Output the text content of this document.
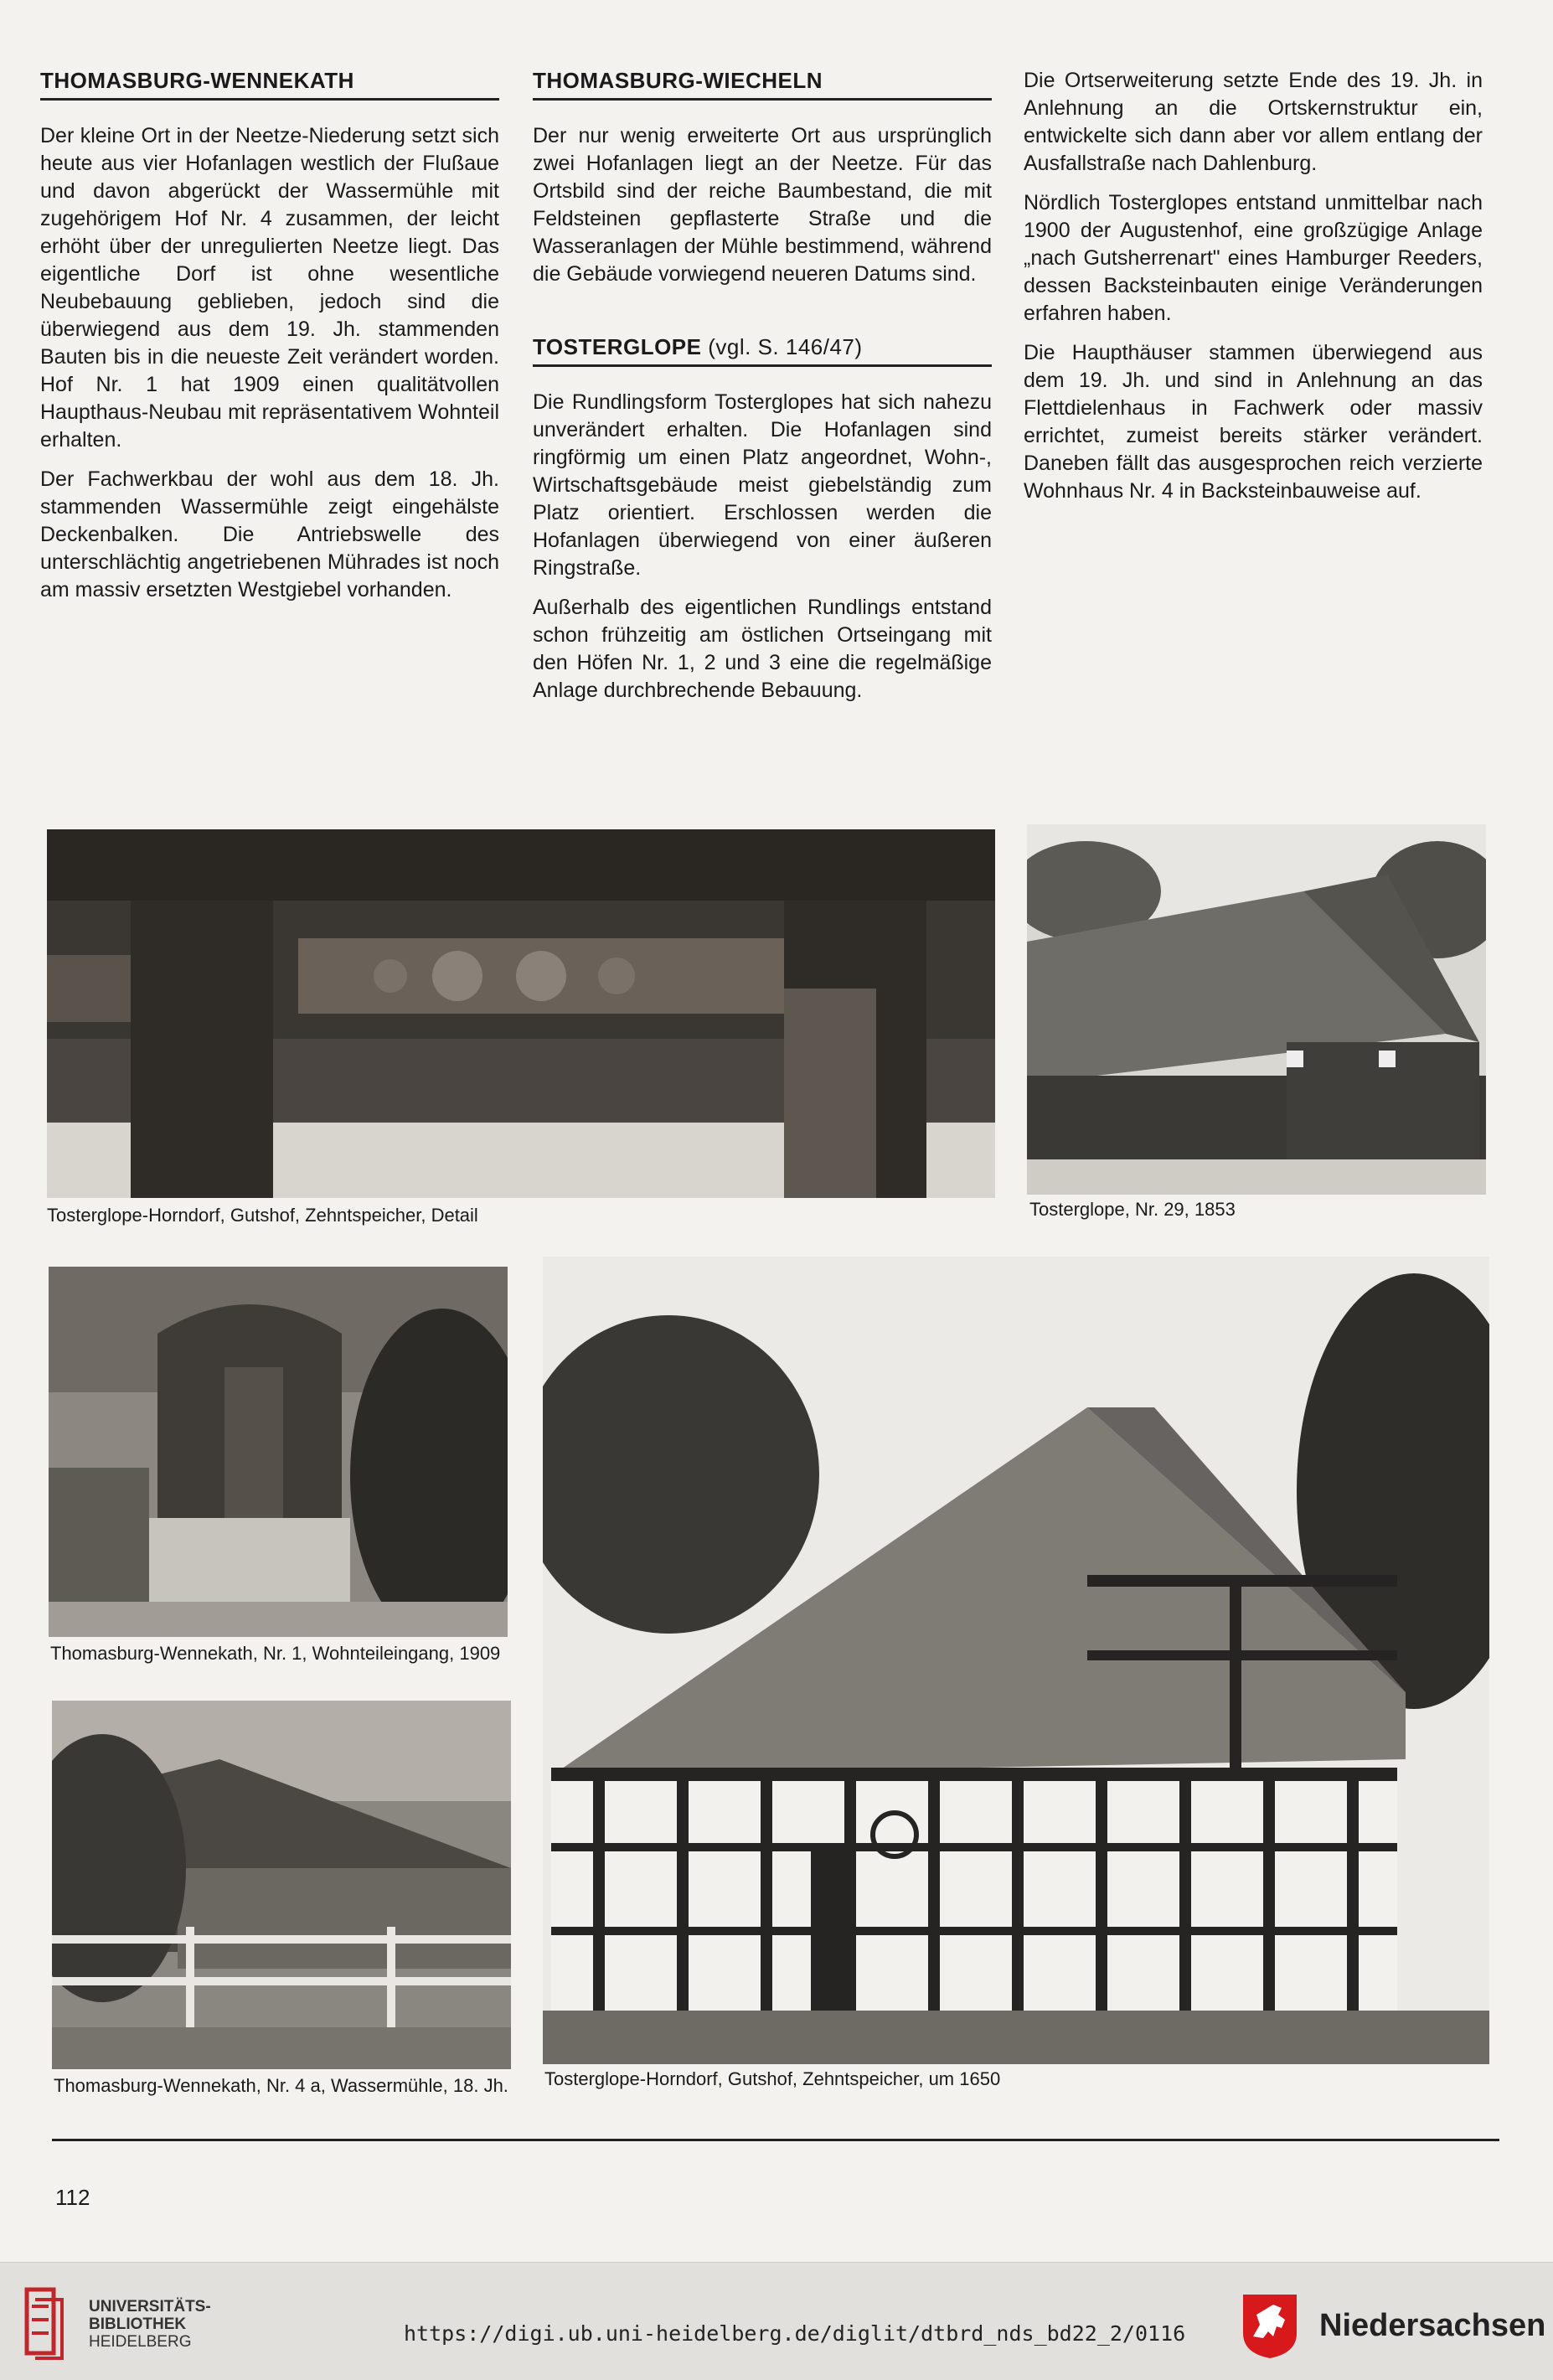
THOMASBURG-WENNEKATH

Der kleine Ort in der Neetze-Niederung setzt sich heute aus vier Hofanlagen westlich der Flußaue und davon abgerückt der Wassermühle mit zugehörigem Hof Nr. 4 zusammen, der leicht erhöht über der unregulierten Neetze liegt. Das eigentliche Dorf ist ohne wesentliche Neubebauung geblieben, jedoch sind die überwiegend aus dem 19. Jh. stammenden Bauten bis in die neueste Zeit verändert worden. Hof Nr. 1 hat 1909 einen qualitätvollen Haupthaus-Neubau mit repräsentativem Wohnteil erhalten.

Der Fachwerkbau der wohl aus dem 18. Jh. stammenden Wassermühle zeigt eingehälste Deckenbalken. Die Antriebswelle des unterschlächtig angetriebenen Mührades ist noch am massiv ersetzten Westgiebel vorhanden.

THOMASBURG-WIECHELN

Der nur wenig erweiterte Ort aus ursprünglich zwei Hofanlagen liegt an der Neetze. Für das Ortsbild sind der reiche Baumbestand, die mit Feldsteinen gepflasterte Straße und die Wasseranlagen der Mühle bestimmend, während die Gebäude vorwiegend neueren Datums sind.

TOSTERGLOPE (vgl. S. 146/47)

Die Rundlingsform Tosterglopes hat sich nahezu unverändert erhalten. Die Hofanlagen sind ringförmig um einen Platz angeordnet, Wohn-, Wirtschaftsgebäude meist giebelständig zum Platz orientiert. Erschlossen werden die Hofanlagen überwiegend von einer äußeren Ringstraße.

Außerhalb des eigentlichen Rundlings entstand schon frühzeitig am östlichen Ortseingang mit den Höfen Nr. 1, 2 und 3 eine die regelmäßige Anlage durchbrechende Bebauung.

Die Ortserweiterung setzte Ende des 19. Jh. in Anlehnung an die Ortskernstruktur ein, entwickelte sich dann aber vor allem entlang der Ausfallstraße nach Dahlenburg.

Nördlich Tosterglopes entstand unmittelbar nach 1900 der Augustenhof, eine großzügige Anlage „nach Gutsherrenart" eines Hamburger Reeders, dessen Backsteinbauten einige Veränderungen erfahren haben.

Die Haupthäuser stammen überwiegend aus dem 19. Jh. und sind in Anlehnung an das Flettdielenhaus in Fachwerk oder massiv errichtet, zumeist bereits stärker verändert. Daneben fällt das ausgesprochen reich verzierte Wohnhaus Nr. 4 in Backsteinbauweise auf.

Tosterglope-Horndorf, Gutshof, Zehntspeicher, Detail	Tosterglope, Nr. 29, 1853
Thomasburg-Wennekath, Nr. 1, Wohnteileingang, 1909
Thomasburg-Wennekath, Nr. 4 a, Wassermühle, 18. Jh.	Tosterglope-Horndorf, Gutshof, Zehntspeicher, um 1650
112
UNIVERSITÄTS-
BIBLIOTHEK
HEIDELBERG	https://digi.ub.uni-heidelberg.de/diglit/dtbrd_nds_bd22_2/0116	Niedersachsen
